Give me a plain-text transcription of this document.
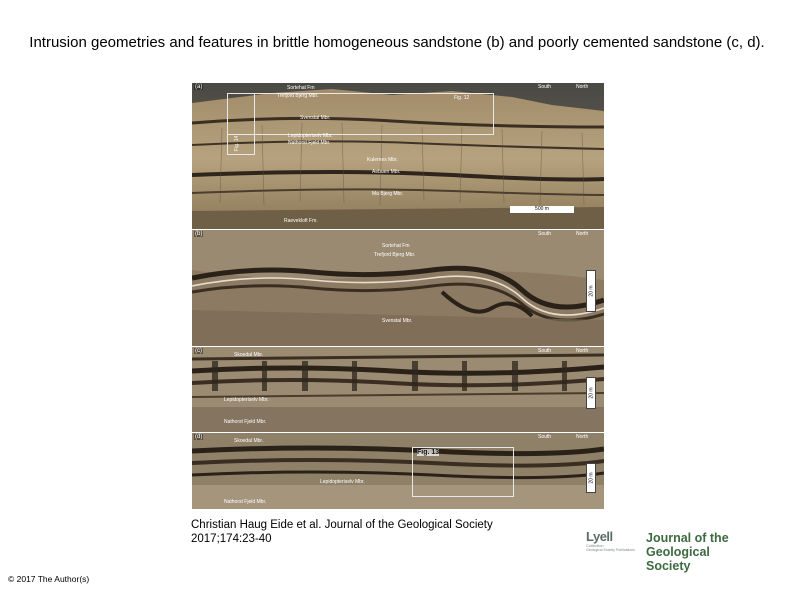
Intrusion geometries and features in brittle homogeneous sandstone (b) and poorly cemented sandstone (c, d).
(a)	Sortehat Fm
Trefjord Bjerg Mbr.	Fig. 12
Fig. 14
Svenstal Mbr.
Lepidopteriselv Mbr.
Nathorst Fjeld Mbr.
Kulernes Mbr.
Aebuen Mbr.
Ma Bjerg Mbr.
Raevekloft Fm.
South	North
500 m
(b)
Sortehat Fm
Trefjord Bjerg Mbr.
Svenstal Mbr.
South	North
20 m
(c)
Skoedal Mbr.
Lepidopteriselv Mbr.
Nathorst Fjeld Mbr.
South	North
20 m
(d)
Skoedal Mbr.
Fig. 13
Lepidopteriselv Mbr.
Nathorst Fjeld Mbr.
South	North
20 m
Christian Haug Eide et al. Journal of the Geological Society
2017;174:23-40
© 2017 The Author(s)
Lyell
Collection
Geological Society Publications
Journal of the
Geological Society
